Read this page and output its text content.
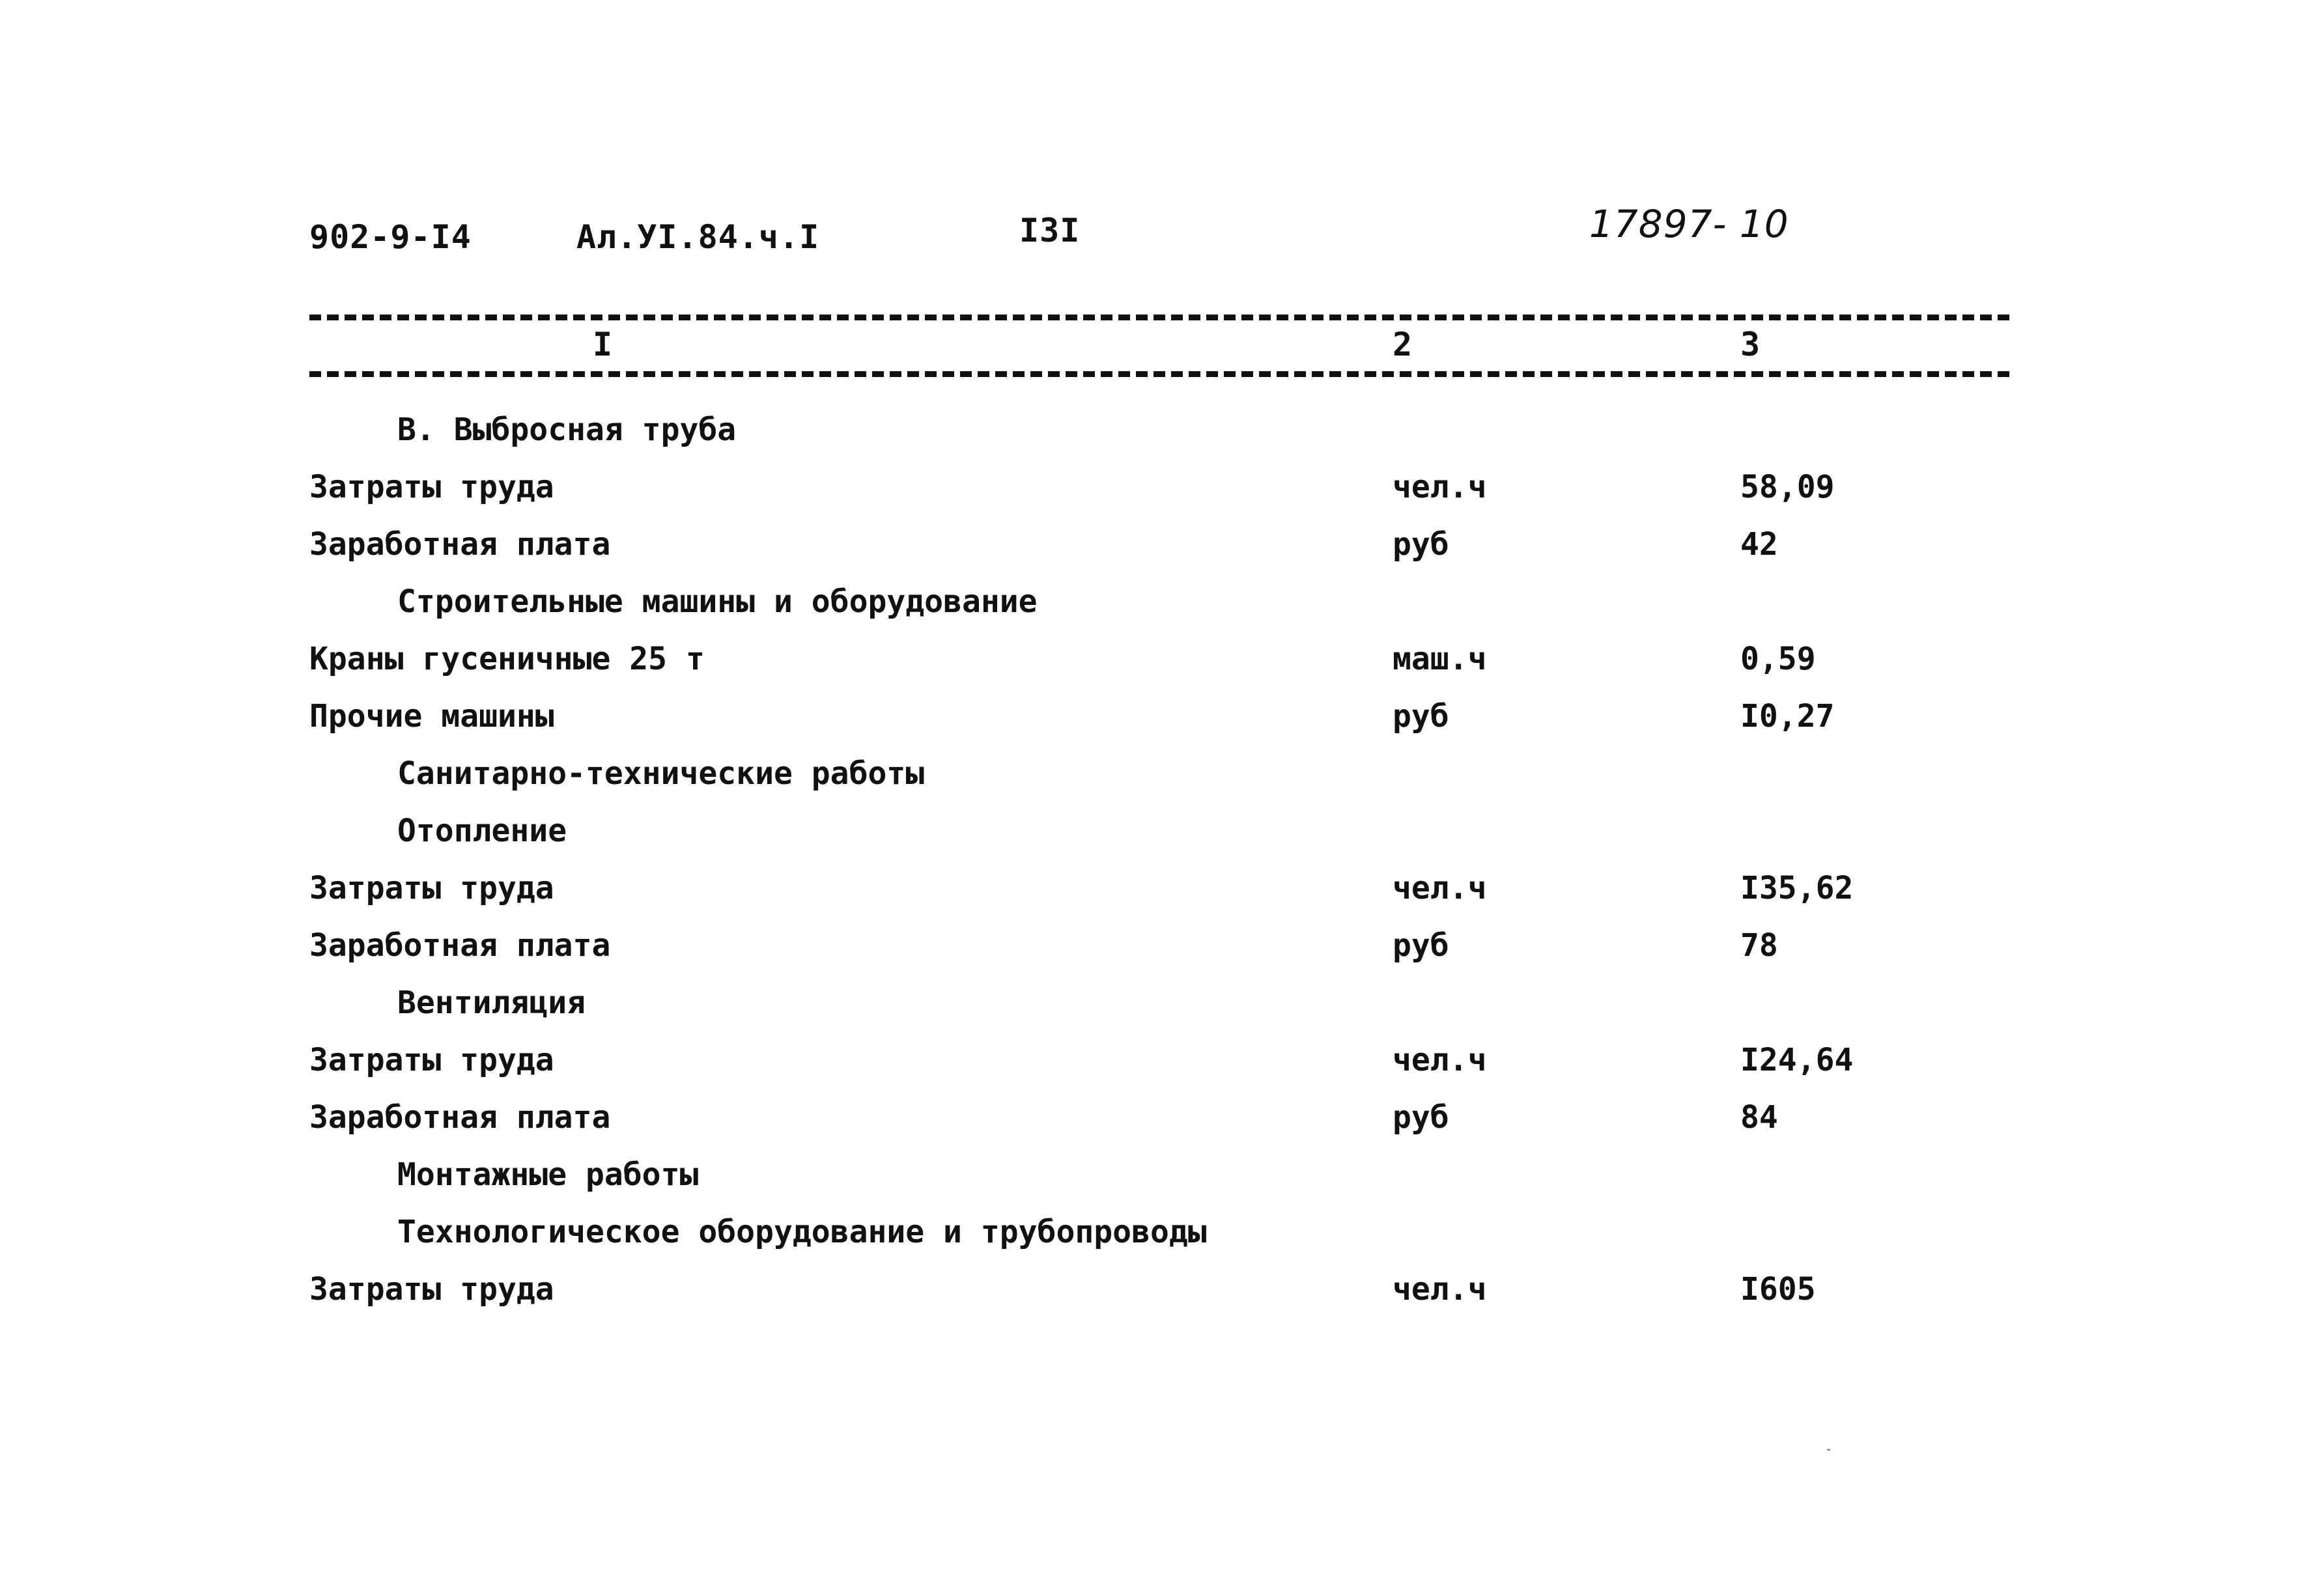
902-9-I4	Ал.УI.84.ч.I	I3I	17897- 10
I	2	3
В. Выбросная труба
Затраты труда	чел.ч	58,09
Заработная плата	руб	42
Строительные машины и оборудование
Краны гусеничные 25 т	маш.ч	0,59
Прочие машины	руб	I0,27
Санитарно-технические работы
Отопление
Затраты труда	чел.ч	I35,62
Заработная плата	руб	78
Вентиляция
Затраты труда	чел.ч	I24,64
Заработная плата	руб	84
Монтажные работы
Технологическое оборудование и трубопроводы
Затраты труда	чел.ч	I605
